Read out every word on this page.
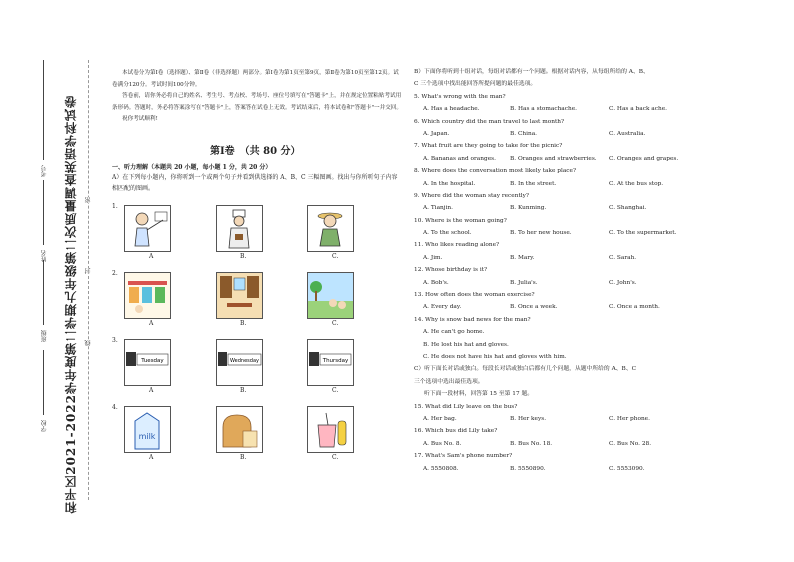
学校
班级
姓名
考号 和平区2021-2022学年度第二学期九年级第二次质量调查英语学科试卷 密
封
线

本试卷分为第Ⅰ卷（选择题）、第Ⅱ卷（非选择题）两部分。第Ⅰ卷为第1页至第9页，第Ⅱ卷为第10页至第12页。试卷满分120分。考试时间100分钟。

答卷前，请你务必将自己的姓名、考生号、考点校、考场号、座位号填写在"答题卡"上，并在规定位置粘贴考试用条形码。答题时，务必将答案涂写在"答题卡"上，答案答在试卷上无效。考试结束后，将本试卷和"答题卡"一并交回。

祝你考试顺利!

第Ⅰ卷　（共 80 分）
一、听力理解（本题共 20 小题，每小题 1 分，共 20 分）
A）在下列每小题内，你将听到一个或两个句子并看到供选择的 A、B、C 三幅图画。找出与你所听句子内容相匹配的图画。
1.
A	B.	C.
2.
A	B.	C.
3.
Tuesday	Wednesday	Thursday
A	B.	C.
4.
milk
A	B.	C.
B）下面你将听到十组对话，每组对话都有一个问题。根据对话内容，从每组所给的 A、B、
C 三个选项中找出能回答所提问题的最佳选项。
5. What's wrong with the man?
A. Has a headache.	B. Has a stomachache.	C. Has a back ache.
6. Which country did the man travel to last month?
A. Japan.	B. China.	C. Australia.
7. What fruit are they going to take for the picnic?
A. Bananas and oranges. B. Oranges and strawberries. C. Oranges and grapes.
8. Where does the conversation most likely take place?
A. In the hospital.	B. In the street.	C. At the bus stop.
9. Where did the woman stay recently?
A. Tianjin.	B. Kunming.	C. Shanghai.
10. Where is the woman going?
A. To the school.	B. To her new house.	C. To the supermarket.
11. Who likes reading alone?
A. Jim.	B. Mary.	C. Sarah.
12. Whose birthday is it?
A. Bob's.	B. Julia's.	C. John's.
13. How often does the woman exercise?
A. Every day.	B. Once a week.	C. Once a month.
14. Why is snow bad news for the man?
A. He can't go home.
B. He lost his hat and gloves.
C. He does not have his hat and gloves with him.
C）听下面长对话或独白。每段长对话或独白后都有几个问题，从题中所给的 A、B、C
三个选项中选出最佳选项。
听下面一段材料，回答第 15 至第 17 题。
15. What did Lily leave on the bus?
A. Her bag.	B. Her keys.	C. Her phone.
16. Which bus did Lily take?
A. Bus No. 8.	B. Bus No. 18.	C. Bus No. 28.
17. What's Sam's phone number?
A. 5550808.	B. 5550890.	C. 5553090.
